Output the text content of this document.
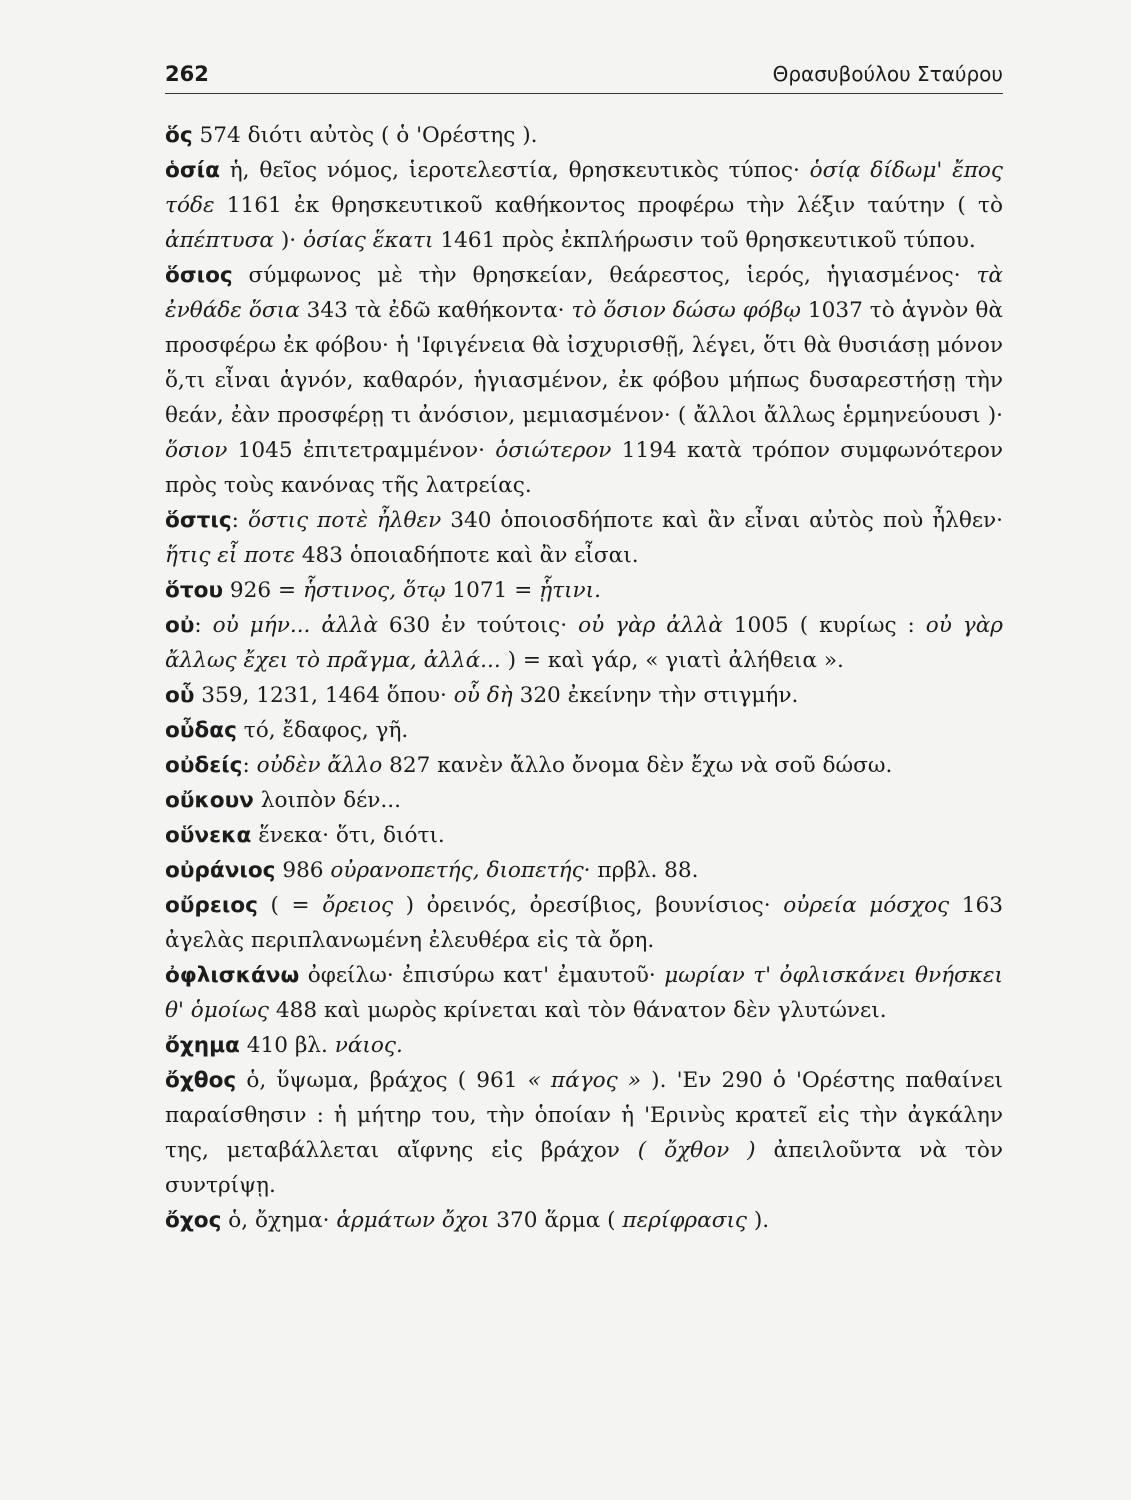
262	Θρασυβούλου Σταύρου

ὅς 574 διότι αὐτὸς ( ὁ 'Ορέστης ).

ὁσία ἡ, θεῖος νόμος, ἱεροτελεστία, θρησκευτικὸς τύπος· ὁσίᾳ δίδωμ' ἔπος τόδε 1161 ἐκ θρησκευτικοῦ καθήκοντος προφέρω τὴν λέξιν ταύτην ( τὸ ἀπέπτυσα )· ὁσίας ἕκατι 1461 πρὸς ἐκπλήρωσιν τοῦ θρησκευτικοῦ τύπου.

ὅσιος σύμφωνος μὲ τὴν θρησκείαν, θεάρεστος, ἱερός, ἡγιασμένος· τὰ ἐνθάδε ὅσια 343 τὰ ἐδῶ καθήκοντα· τὸ ὅσιον δώσω φόβῳ 1037 τὸ ἁγνὸν θὰ προσφέρω ἐκ φόβου· ἡ 'Ιφιγένεια θὰ ἰσχυρισθῇ, λέγει, ὅτι θὰ θυσιάσῃ μόνον ὅ,τι εἶναι ἁγνόν, καθαρόν, ἡγιασμένον, ἐκ φόβου μήπως δυσαρεστήσῃ τὴν θεάν, ἐὰν προσφέρῃ τι ἀνόσιον, μεμιασμένον· ( ἄλλοι ἄλλως ἑρμηνεύουσι )· ὅσιον 1045 ἐπιτετραμμένον· ὁσιώτερον 1194 κατὰ τρόπον συμφωνότερον πρὸς τοὺς κανόνας τῆς λατρείας.

ὅστις: ὅστις ποτὲ ἦλθεν 340 ὁποιοσδήποτε καὶ ἂν εἶναι αὐτὸς ποὺ ἦλθεν· ἥτις εἶ ποτε 483 ὁποιαδήποτε καὶ ἂν εἶσαι.

ὅτου 926 = ἧστινος, ὅτῳ 1071 = ᾗτινι.

οὐ: οὐ μήν... ἀλλὰ 630 ἐν τούτοις· οὐ γὰρ ἀλλὰ 1005 ( κυρίως : οὐ γὰρ ἄλλως ἔχει τὸ πρᾶγμα, ἀλλά... ) = καὶ γάρ, « γιατὶ ἀλήθεια ».

οὗ 359, 1231, 1464 ὅπου· οὗ δὴ 320 ἐκείνην τὴν στιγμήν.

οὖδας τό, ἔδαφος, γῆ.

οὐδείς: οὐδὲν ἄλλο 827 κανὲν ἄλλο ὄνομα δὲν ἔχω νὰ σοῦ δώσω.

οὔκουν λοιπὸν δέν...

οὕνεκα ἕνεκα· ὅτι, διότι.

οὐράνιος 986 οὐρανοπετής, διοπετής· πρβλ. 88.

οὔρειος ( = ὄρειος ) ὀρεινός, ὀρεσίβιος, βουνίσιος· οὐρεία μόσχος 163 ἀγελὰς περιπλανωμένη ἐλευθέρα εἰς τὰ ὄρη.

ὀφλισκάνω ὀφείλω· ἐπισύρω κατ' ἐμαυτοῦ· μωρίαν τ' ὀφλισκάνει θνήσκει θ' ὁμοίως 488 καὶ μωρὸς κρίνεται καὶ τὸν θάνατον δὲν γλυτώνει.

ὄχημα 410 βλ. νάιος.

ὄχθος ὁ, ὕψωμα, βράχος ( 961 « πάγος » ). 'Εν 290 ὁ 'Ορέστης παθαίνει παραίσθησιν : ἡ μήτηρ του, τὴν ὁποίαν ἡ 'Ερινὺς κρατεῖ εἰς τὴν ἀγκάλην της, μεταβάλλεται αἴφνης εἰς βράχον ( ὄχθον ) ἀπειλοῦντα νὰ τὸν συντρίψῃ.

ὄχος ὁ, ὄχημα· ἁρμάτων ὄχοι 370 ἅρμα ( περίφρασις ).
